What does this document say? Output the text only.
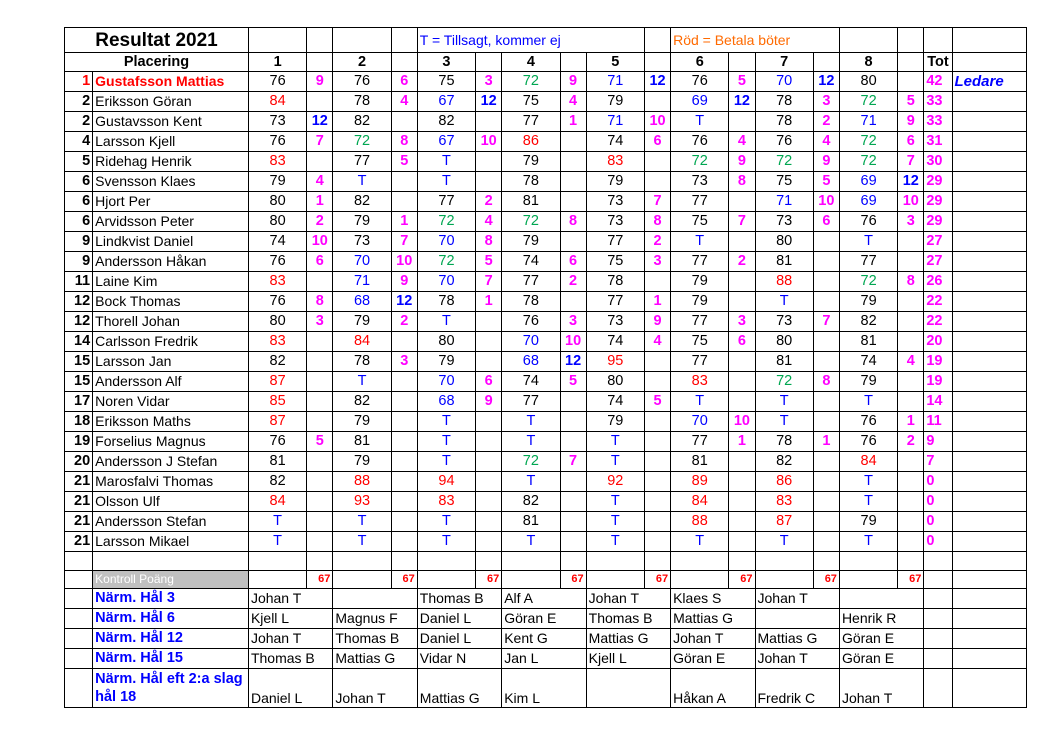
Resultat 2021						T = Tillsagt, kommer ej						Röd = Betala böter							
Placering		1		2		3		4		5		6		7		8		Tot	
1	Gustafsson Mattias	76	9	76	6	75	3	72	9	71	12	76	5	70	12	80		42	Ledare
2	Eriksson Göran	84		78	4	67	12	75	4	79		69	12	78	3	72	5	33	
2	Gustavsson Kent	73	12	82		82		77	1	71	10	T		78	2	71	9	33	
4	Larsson Kjell	76	7	72	8	67	10	86		74	6	76	4	76	4	72	6	31	
5	Ridehag Henrik	83		77	5	T		79		83		72	9	72	9	72	7	30	
6	Svensson Klaes	79	4	T		T		78		79		73	8	75	5	69	12	29	
6	Hjort Per	80	1	82		77	2	81		73	7	77		71	10	69	10	29	
6	Arvidsson Peter	80	2	79	1	72	4	72	8	73	8	75	7	73	6	76	3	29	
9	Lindkvist Daniel	74	10	73	7	70	8	79		77	2	T		80		T		27	
9	Andersson Håkan	76	6	70	10	72	5	74	6	75	3	77	2	81		77		27	
11	Laine Kim	83		71	9	70	7	77	2	78		79		88		72	8	26	
12	Bock Thomas	76	8	68	12	78	1	78		77	1	79		T		79		22	
12	Thorell Johan	80	3	79	2	T		76	3	73	9	77	3	73	7	82		22	
14	Carlsson Fredrik	83		84		80		70	10	74	4	75	6	80		81		20	
15	Larsson Jan	82		78	3	79		68	12	95		77		81		74	4	19	
15	Andersson Alf	87		T		70	6	74	5	80		83		72	8	79		19	
17	Noren Vidar	85		82		68	9	77		74	5	T		T		T		14	
18	Eriksson Maths	87		79		T		T		79		70	10	T		76	1	11	
19	Forselius Magnus	76	5	81		T		T		T		77	1	78	1	76	2	9	
20	Andersson J Stefan	81		79		T		72	7	T		81		82		84		7	
21	Marosfalvi Thomas	82		88		94		T		92		89		86		T		0	
21	Olsson Ulf	84		93		83		82		T		84		83		T		0	
21	Andersson Stefan	T		T		T		81		T		88		87		79		0	
21	Larsson Mikael	T		T		T		T		T		T		T		T		0	

	Kontroll Poäng		67		67		67		67		67		67		67		67		
	Närm. Hål 3	Johan T				Thomas B		Alf A		Johan T		Klaes S		Johan T					
	Närm. Hål 6	Kjell L		Magnus F		Daniel L		Göran E		Thomas B		Mattias G				Henrik R			
	Närm. Hål 12	Johan T		Thomas B		Daniel L		Kent G		Mattias G		Johan T		Mattias G		Göran E			
	Närm. Hål 15	Thomas B		Mattias G		Vidar N		Jan L		Kjell L		Göran E		Johan T		Göran E			
	Närm. Hål eft 2:a slag hål 18	Daniel L		Johan T		Mattias G		Kim L				Håkan A		Fredrik C		Johan T			
